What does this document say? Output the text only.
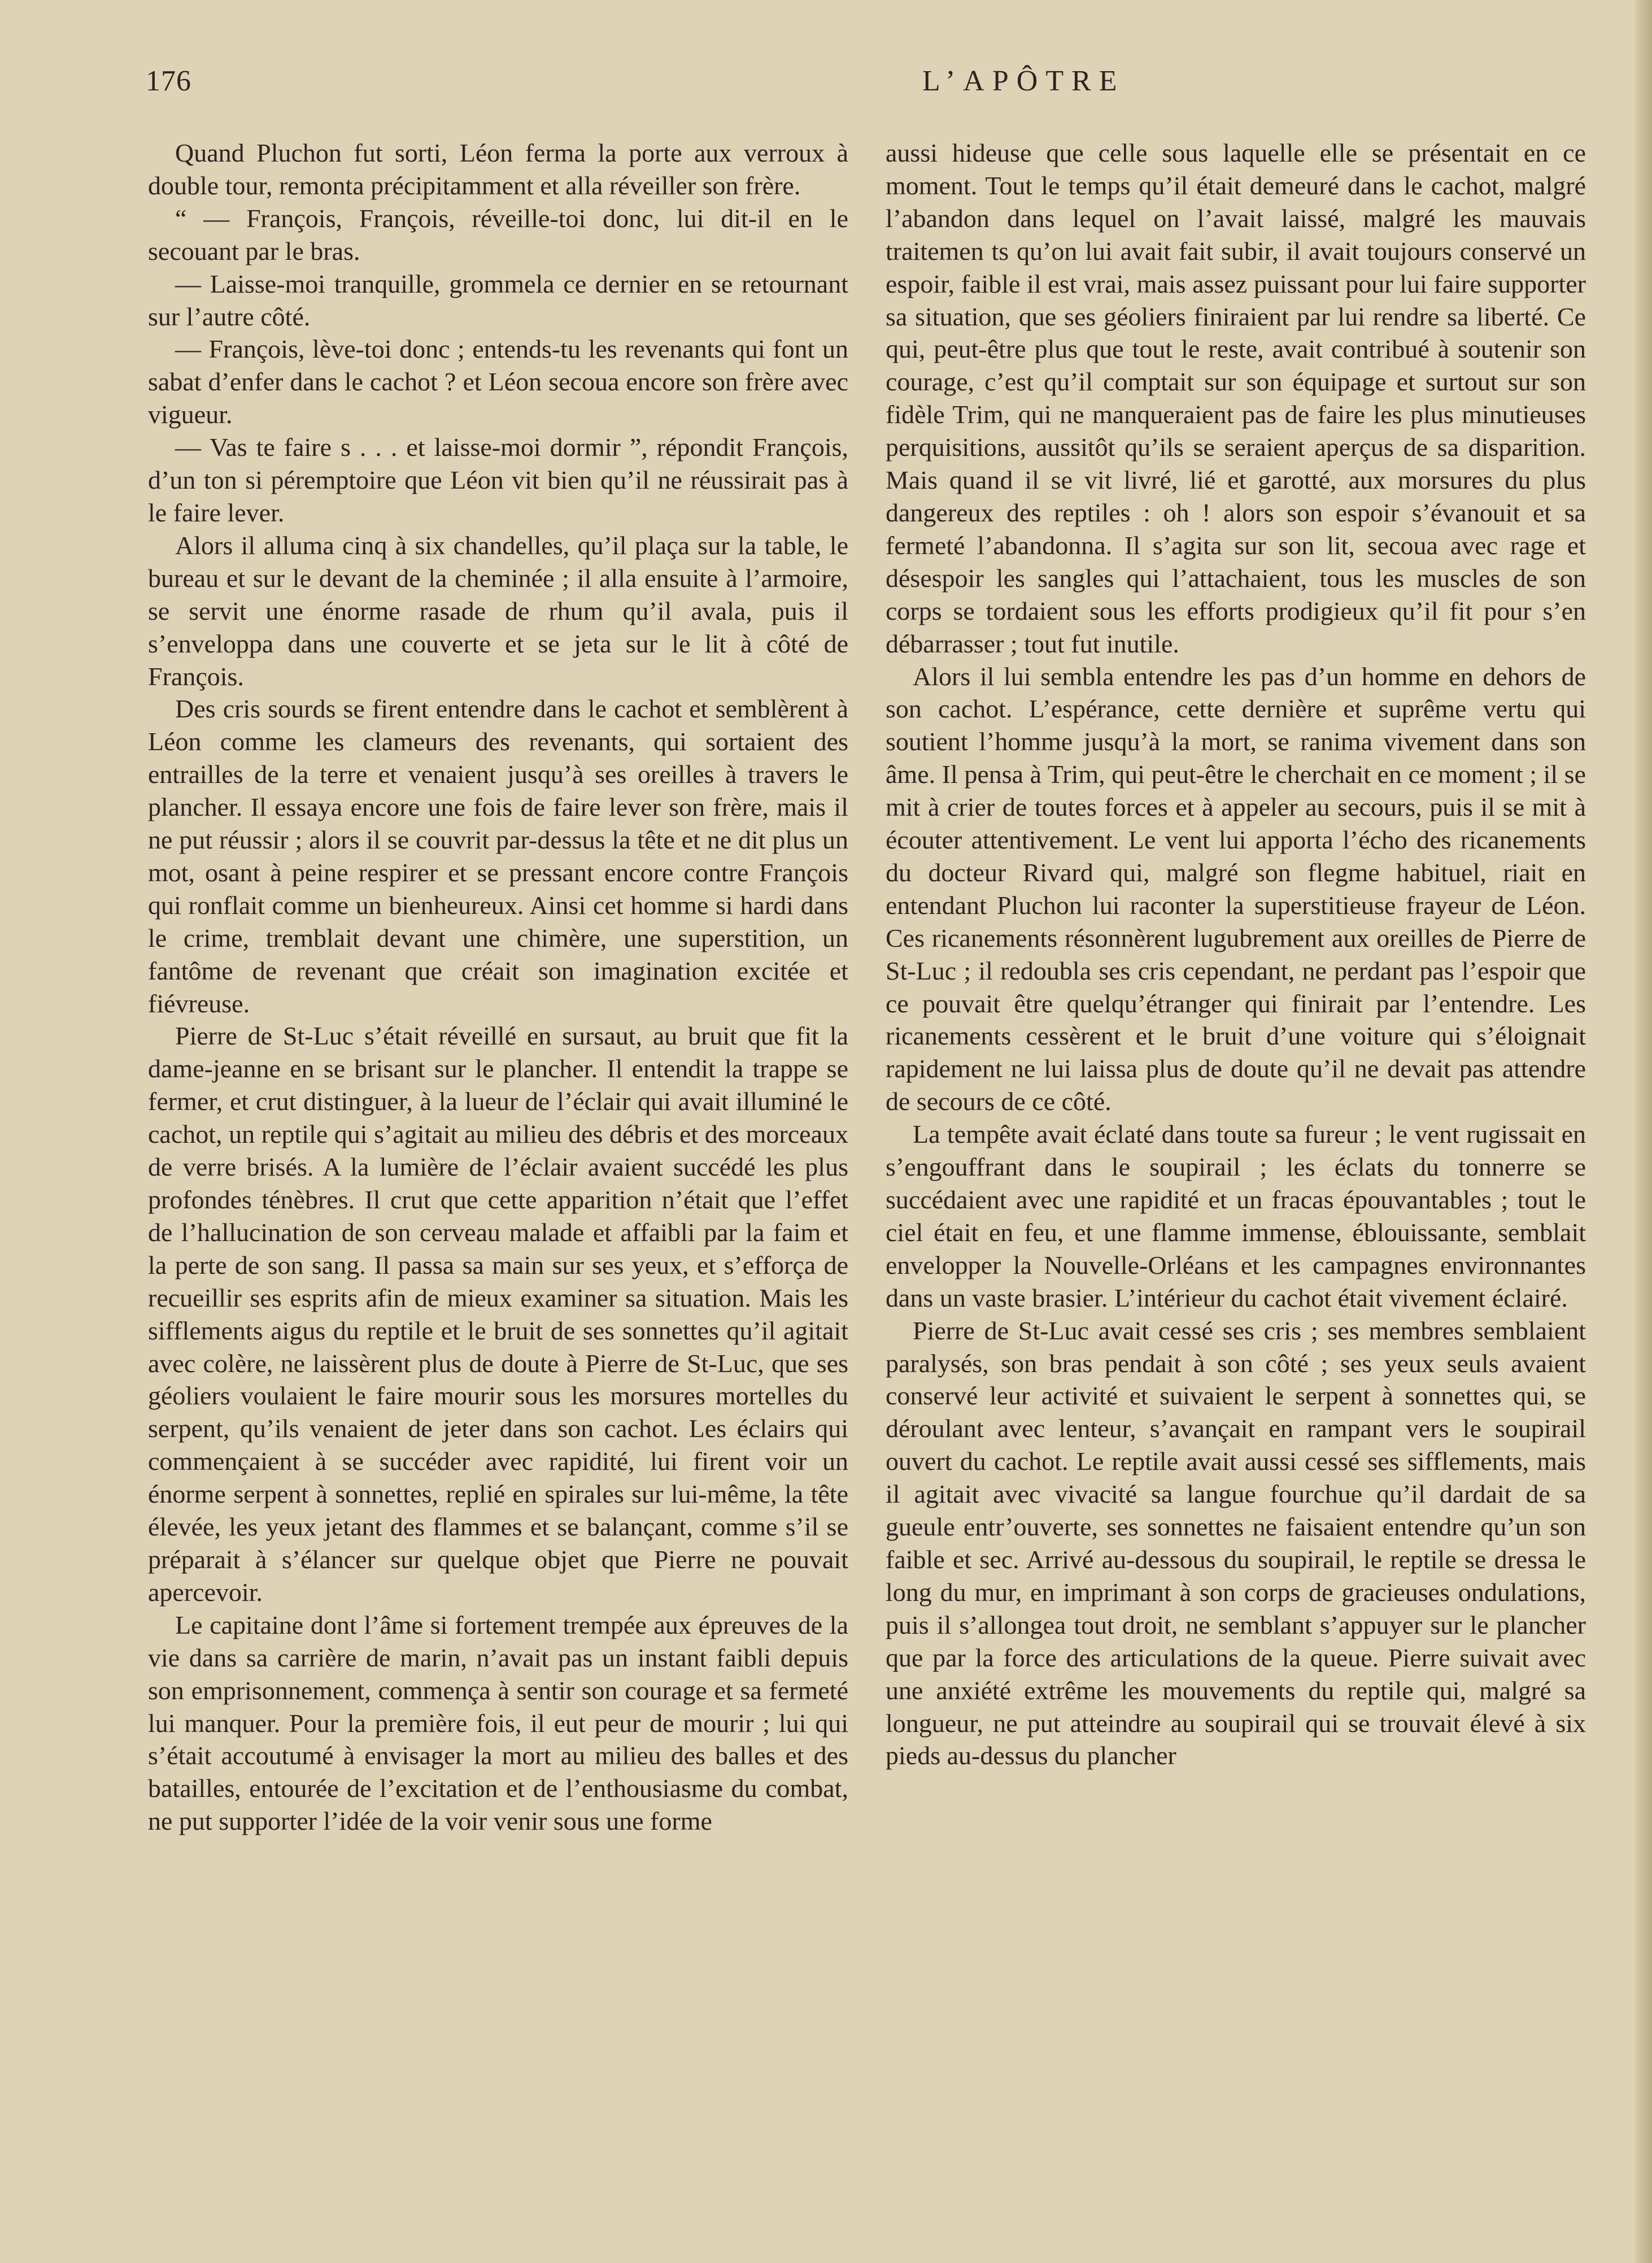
176	L’APÔTRE

Quand Pluchon fut sorti, Léon ferma la porte aux verroux à double tour, remonta précipitamment et alla réveiller son frère.

“ — François, François, réveille-toi donc, lui dit-il en le secouant par le bras.

— Laisse-moi tranquille, grommela ce dernier en se retournant sur l’autre côté.

— François, lève-toi donc ; entends-tu les revenants qui font un sabat d’enfer dans le cachot ? et Léon secoua encore son frère avec vigueur.

— Vas te faire s . . . et laisse-moi dormir ”, répondit François, d’un ton si péremptoire que Léon vit bien qu’il ne réussirait pas à le faire lever.

Alors il alluma cinq à six chandelles, qu’il plaça sur la table, le bureau et sur le devant de la cheminée ; il alla ensuite à l’armoire, se servit une énorme rasade de rhum qu’il avala, puis il s’enveloppa dans une couverte et se jeta sur le lit à côté de François.

Des cris sourds se firent entendre dans le cachot et semblèrent à Léon comme les clameurs des revenants, qui sortaient des entrailles de la terre et venaient jusqu’à ses oreilles à travers le plancher. Il essaya encore une fois de faire lever son frère, mais il ne put réussir ; alors il se couvrit par-dessus la tête et ne dit plus un mot, osant à peine respirer et se pressant encore contre François qui ronflait comme un bienheureux. Ainsi cet homme si hardi dans le crime, tremblait devant une chimère, une superstition, un fantôme de revenant que créait son imagination excitée et fiévreuse.

Pierre de St-Luc s’était réveillé en sursaut, au bruit que fit la dame-jeanne en se brisant sur le plancher. Il entendit la trappe se fermer, et crut distinguer, à la lueur de l’éclair qui avait illuminé le cachot, un reptile qui s’agitait au milieu des débris et des morceaux de verre brisés. A la lumière de l’éclair avaient succédé les plus profondes ténèbres. Il crut que cette apparition n’était que l’effet de l’hallucination de son cerveau malade et affaibli par la faim et la perte de son sang. Il passa sa main sur ses yeux, et s’efforça de recueillir ses esprits afin de mieux examiner sa situation. Mais les sifflements aigus du reptile et le bruit de ses sonnettes qu’il agitait avec colère, ne laissèrent plus de doute à Pierre de St-Luc, que ses géoliers voulaient le faire mourir sous les morsures mortelles du serpent, qu’ils venaient de jeter dans son cachot. Les éclairs qui commençaient à se succéder avec rapidité, lui firent voir un énorme serpent à sonnettes, replié en spirales sur lui-même, la tête élevée, les yeux jetant des flammes et se balançant, comme s’il se préparait à s’élancer sur quelque objet que Pierre ne pouvait apercevoir.

Le capitaine dont l’âme si fortement trempée aux épreuves de la vie dans sa carrière de marin, n’avait pas un instant faibli depuis son emprisonnement, commença à sentir son courage et sa fermeté lui manquer. Pour la première fois, il eut peur de mourir ; lui qui s’était accoutumé à envisager la mort au milieu des balles et des batailles, entourée de l’excitation et de l’enthousiasme du combat, ne put supporter l’idée de la voir venir sous une forme

aussi hideuse que celle sous laquelle elle se présentait en ce moment. Tout le temps qu’il était demeuré dans le cachot, malgré l’abandon dans lequel on l’avait laissé, malgré les mauvais traitemen ts qu’on lui avait fait subir, il avait toujours conservé un espoir, faible il est vrai, mais assez puissant pour lui faire supporter sa situation, que ses géoliers finiraient par lui rendre sa liberté. Ce qui, peut-être plus que tout le reste, avait contribué à soutenir son courage, c’est qu’il comptait sur son équipage et surtout sur son fidèle Trim, qui ne manqueraient pas de faire les plus minutieuses perquisitions, aussitôt qu’ils se seraient aperçus de sa disparition. Mais quand il se vit livré, lié et garotté, aux morsures du plus dangereux des reptiles : oh ! alors son espoir s’évanouit et sa fermeté l’abandonna. Il s’agita sur son lit, secoua avec rage et désespoir les sangles qui l’attachaient, tous les muscles de son corps se tordaient sous les efforts prodigieux qu’il fit pour s’en débarrasser ; tout fut inutile.

Alors il lui sembla entendre les pas d’un homme en dehors de son cachot. L’espérance, cette dernière et suprême vertu qui soutient l’homme jusqu’à la mort, se ranima vivement dans son âme. Il pensa à Trim, qui peut-être le cherchait en ce moment ; il se mit à crier de toutes forces et à appeler au secours, puis il se mit à écouter attentivement. Le vent lui apporta l’écho des ricanements du docteur Rivard qui, malgré son flegme habituel, riait en entendant Pluchon lui raconter la superstitieuse frayeur de Léon. Ces ricanements résonnèrent lugubrement aux oreilles de Pierre de St-Luc ; il redoubla ses cris cependant, ne perdant pas l’espoir que ce pouvait être quelqu’étranger qui finirait par l’entendre. Les ricanements cessèrent et le bruit d’une voiture qui s’éloignait rapidement ne lui laissa plus de doute qu’il ne devait pas attendre de secours de ce côté.

La tempête avait éclaté dans toute sa fureur ; le vent rugissait en s’engouffrant dans le soupirail ; les éclats du tonnerre se succédaient avec une rapidité et un fracas épouvantables ; tout le ciel était en feu, et une flamme immense, éblouissante, semblait envelopper la Nouvelle-Orléans et les campagnes environnantes dans un vaste brasier. L’intérieur du cachot était vivement éclairé.

Pierre de St-Luc avait cessé ses cris ; ses membres semblaient paralysés, son bras pendait à son côté ; ses yeux seuls avaient conservé leur activité et suivaient le serpent à sonnettes qui, se déroulant avec lenteur, s’avançait en rampant vers le soupirail ouvert du cachot. Le reptile avait aussi cessé ses sifflements, mais il agitait avec vivacité sa langue fourchue qu’il dardait de sa gueule entr’ouverte, ses sonnettes ne faisaient entendre qu’un son faible et sec. Arrivé au-dessous du soupirail, le reptile se dressa le long du mur, en imprimant à son corps de gracieuses ondulations, puis il s’allongea tout droit, ne semblant s’appuyer sur le plancher que par la force des articulations de la queue. Pierre suivait avec une anxiété extrême les mouvements du reptile qui, malgré sa longueur, ne put atteindre au soupirail qui se trouvait élevé à six pieds au-dessus du plancher
